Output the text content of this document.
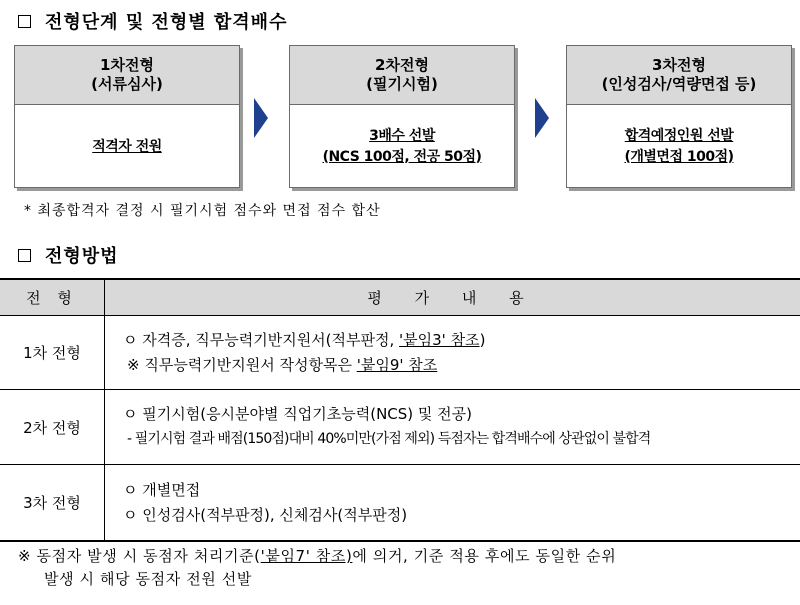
전형단계 및 전형별 합격배수
1차전형
(서류심사)
적격자 전원
2차전형
(필기시험)
3배수 선발
(NCS 100점, 전공 50점)
3차전형
(인성검사/역량면접 등)
합격예정인원 선발
(개별면접 100점)
* 최종합격자 결정 시 필기시험 점수와 면접 점수 합산
전형방법
전 형	평 가 내 용
1차 전형	ㅇ 자격증, 직무능력기반지원서(적부판정, '붙임3' 참조)
※ 직무능력기반지원서 작성항목은 '붙임9' 참조

2차 전형	ㅇ 필기시험(응시분야별 직업기초능력(NCS) 및 전공)
- 필기시험 결과 배점(150점)대비 40%미만(가점 제외) 득점자는 합격배수에 상관없이 불합격

3차 전형	ㅇ 개별면접
ㅇ 인성검사(적부판정), 신체검사(적부판정)
※ 동점자 발생 시 동점자 처리기준('붙임7' 참조)에 의거, 기준 적용 후에도 동일한 순위
발생 시 해당 동점자 전원 선발
